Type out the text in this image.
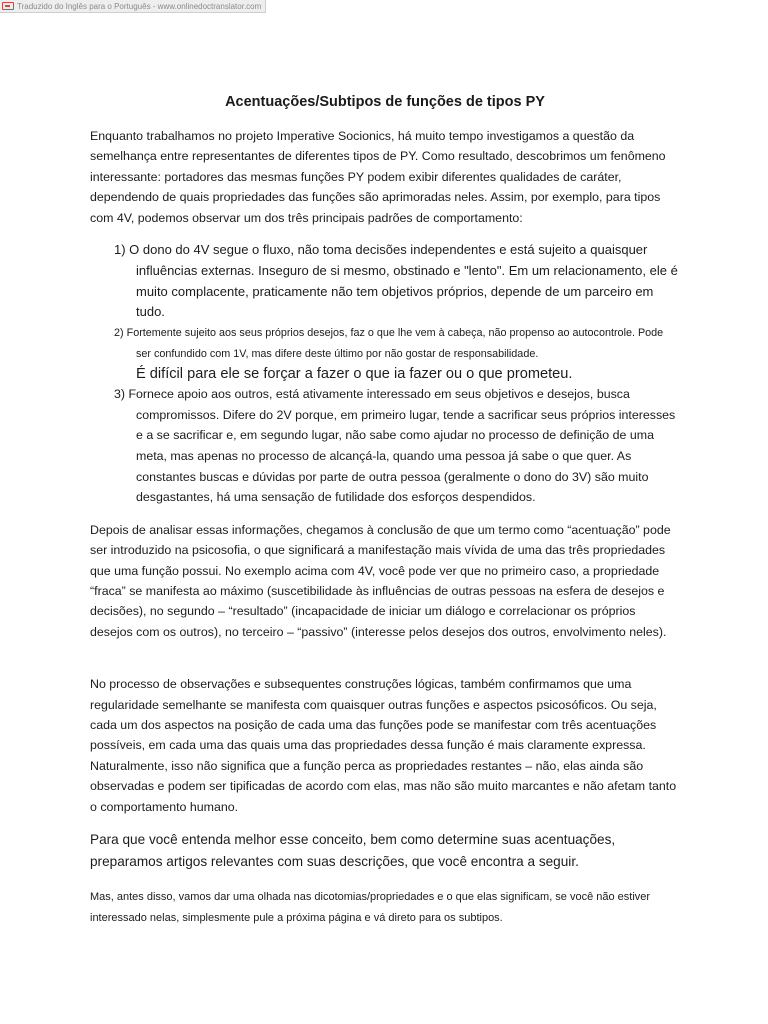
Traduzido do Inglês para o Português - www.onlinedoctranslator.com
Acentuações/Subtipos de funções de tipos PY

Enquanto trabalhamos no projeto Imperative Socionics, há muito tempo investigamos a questão da semelhança entre representantes de diferentes tipos de PY. Como resultado, descobrimos um fenômeno interessante: portadores das mesmas funções PY podem exibir diferentes qualidades de caráter, dependendo de quais propriedades das funções são aprimoradas neles. Assim, por exemplo, para tipos com 4V, podemos observar um dos três principais padrões de comportamento:

1) O dono do 4V segue o fluxo, não toma decisões independentes e está sujeito a quaisquer influências externas. Inseguro de si mesmo, obstinado e "lento". Em um relacionamento, ele é muito complacente, praticamente não tem objetivos próprios, depende de um parceiro em tudo.
2) Fortemente sujeito aos seus próprios desejos, faz o que lhe vem à cabeça, não propenso ao autocontrole. Pode ser confundido com 1V, mas difere deste último por não gostar de responsabilidade.
É difícil para ele se forçar a fazer o que ia fazer ou o que prometeu.
3) Fornece apoio aos outros, está ativamente interessado em seus objetivos e desejos, busca compromissos. Difere do 2V porque, em primeiro lugar, tende a sacrificar seus próprios interesses e a se sacrificar e, em segundo lugar, não sabe como ajudar no processo de definição de uma meta, mas apenas no processo de alcançá-la, quando uma pessoa já sabe o que quer. As constantes buscas e dúvidas por parte de outra pessoa (geralmente o dono do 3V) são muito desgastantes, há uma sensação de futilidade dos esforços despendidos.

Depois de analisar essas informações, chegamos à conclusão de que um termo como “acentuação” pode ser introduzido na psicosofia, o que significará a manifestação mais vívida de uma das três propriedades que uma função possui. No exemplo acima com 4V, você pode ver que no primeiro caso, a propriedade “fraca” se manifesta ao máximo (suscetibilidade às influências de outras pessoas na esfera de desejos e decisões), no segundo – “resultado” (incapacidade de iniciar um diálogo e correlacionar os próprios desejos com os outros), no terceiro – “passivo” (interesse pelos desejos dos outros, envolvimento neles).

No processo de observações e subsequentes construções lógicas, também confirmamos que uma regularidade semelhante se manifesta com quaisquer outras funções e aspectos psicosóficos. Ou seja, cada um dos aspectos na posição de cada uma das funções pode se manifestar com três acentuações possíveis, em cada uma das quais uma das propriedades dessa função é mais claramente expressa. Naturalmente, isso não significa que a função perca as propriedades restantes – não, elas ainda são observadas e podem ser tipificadas de acordo com elas, mas não são muito marcantes e não afetam tanto o comportamento humano.

Para que você entenda melhor esse conceito, bem como determine suas acentuações, preparamos artigos relevantes com suas descrições, que você encontra a seguir.

Mas, antes disso, vamos dar uma olhada nas dicotomias/propriedades e o que elas significam, se você não estiver interessado nelas, simplesmente pule a próxima página e vá direto para os subtipos.
